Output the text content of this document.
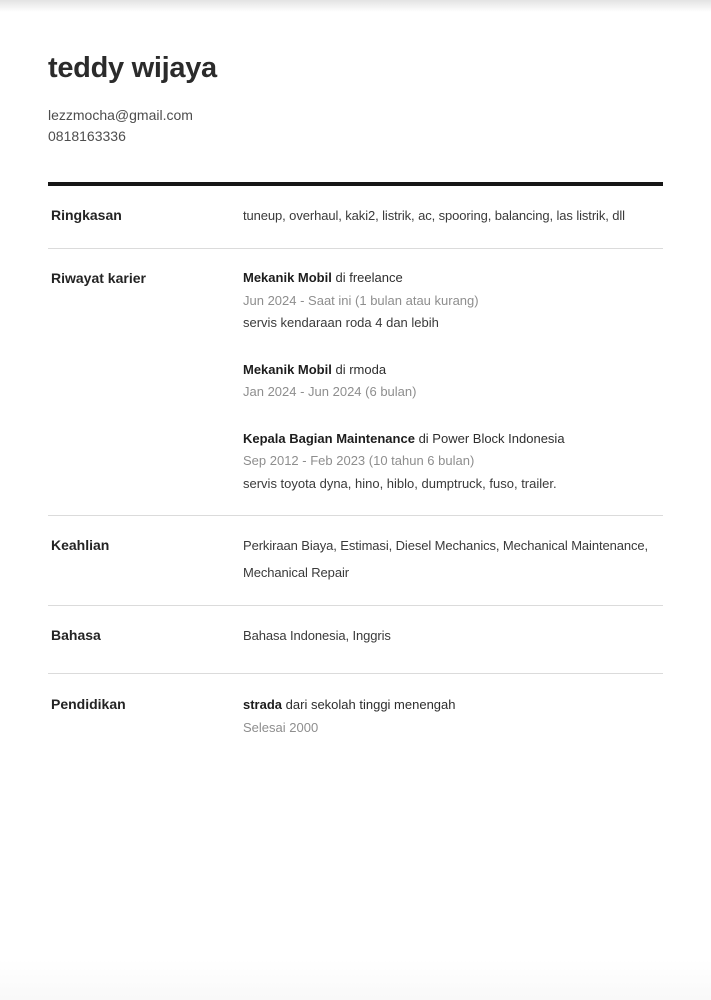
teddy wijaya
lezzmocha@gmail.com
0818163336
Ringkasan	tuneup, overhaul, kaki2, listrik, ac, spooring, balancing, las listrik, dll

Riwayat karier	Mekanik Mobil di freelance
Jun 2024 - Saat ini (1 bulan atau kurang)
servis kendaraan roda 4 dan lebih
Mekanik Mobil di rmoda
Jan 2024 - Jun 2024 (6 bulan)
Kepala Bagian Maintenance di Power Block Indonesia
Sep 2012 - Feb 2023 (10 tahun 6 bulan)
servis toyota dyna, hino, hiblo, dumptruck, fuso, trailer.
Keahlian	Perkiraan Biaya, Estimasi, Diesel Mechanics, Mechanical Maintenance, Mechanical Repair

Bahasa	Bahasa Indonesia, Inggris

Pendidikan	strada dari sekolah tinggi menengah
Selesai 2000
